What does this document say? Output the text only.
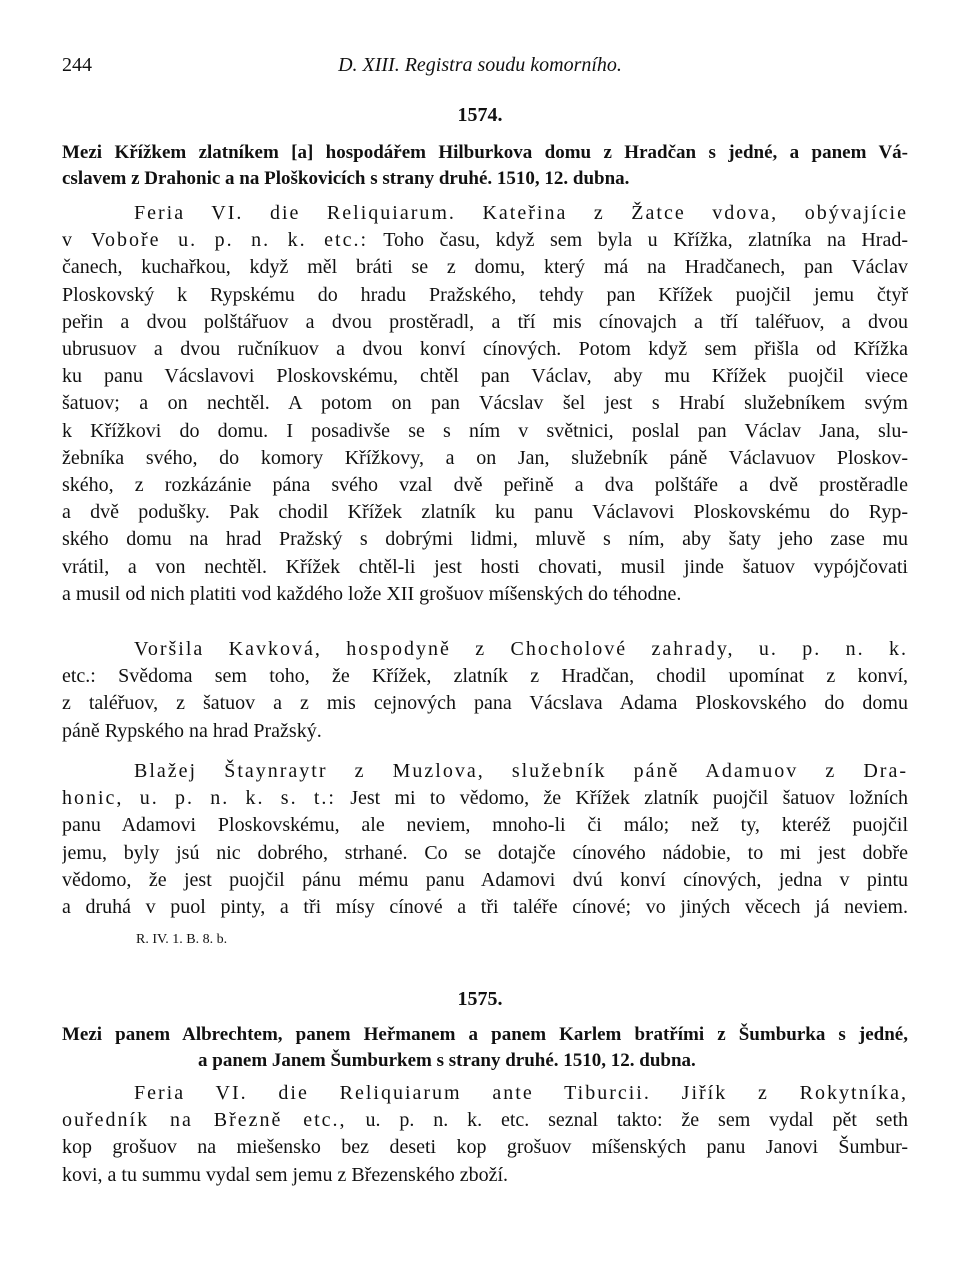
244	D. XIII. Registra soudu komorního.
1574.
Mezi Křížkem zlatníkem [a] hospodářem Hilburkova domu z Hradčan s jedné, a panem Vá-
cslavem z Drahonic a na Ploškovicích s strany druhé. 1510, 12. dubna.
Feria VI. die Reliquiarum. Kateřina z Žatce vdova, obývajície
v Voboře u. p. n. k. etc.: Toho času, když sem byla u Křížka, zlatníka na Hrad-
čanech, kuchařkou, když měl bráti se z domu, který má na Hradčanech, pan Václav
Ploskovský k Rypskému do hradu Pražského, tehdy pan Křížek puojčil jemu čtyř
peřin a dvou polštářuov a dvou prostěradl, a tří mis cínovajch a tří taléřuov, a dvou
ubrusuov a dvou ručníkuov a dvou konví cínových. Potom když sem přišla od Křížka
ku panu Vácslavovi Ploskovskému, chtěl pan Václav, aby mu Křížek puojčil viece
šatuov; a on nechtěl. A potom on pan Vácslav šel jest s Hrabí služebníkem svým
k Křížkovi do domu. I posadivše se s ním v světnici, poslal pan Václav Jana, slu-
žebníka svého, do komory Křížkovy, a on Jan, služebník páně Václavuov Ploskov-
ského, z rozkázánie pána svého vzal dvě peřině a dva polštáře a dvě prostěradle
a dvě podušky. Pak chodil Křížek zlatník ku panu Václavovi Ploskovskému do Ryp-
ského domu na hrad Pražský s dobrými lidmi, mluvě s ním, aby šaty jeho zase mu
vrátil, a von nechtěl. Křížek chtěl-li jest hosti chovati, musil jinde šatuov vypójčovati
a musil od nich platiti vod každého lože XII grošuov míšenských do téhodne.
Voršila Kavková, hospodyně z Chocholové zahrady, u. p. n. k.
etc.: Svědoma sem toho, že Křížek, zlatník z Hradčan, chodil upomínat z konví,
z taléřuov, z šatuov a z mis cejnových pana Vácslava Adama Ploskovského do domu
páně Rypského na hrad Pražský.
Blažej Štaynraytr z Muzlova, služebník páně Adamuov z Dra-
honic, u. p. n. k. s. t.: Jest mi to vědomo, že Křížek zlatník puojčil šatuov ložních
panu Adamovi Ploskovskému, ale neviem, mnoho-li či málo; než ty, kteréž puojčil
jemu, byly jsú nic dobrého, strhané. Co se dotajče cínového nádobie, to mi jest dobře
vědomo, že jest puojčil pánu mému panu Adamovi dvú konví cínových, jedna v pintu
a druhá v puol pinty, a tři mísy cínové a tři taléře cínové; vo jiných věcech já neviem.
R. IV. 1. B. 8. b.
1575.
Mezi panem Albrechtem, panem Heřmanem a panem Karlem bratřími z Šumburka s jedné,
a panem Janem Šumburkem s strany druhé. 1510, 12. dubna.
Feria VI. die Reliquiarum ante Tiburcii. Jiřík z Rokytníka,
ouředník na Březně etc., u. p. n. k. etc. seznal takto: že sem vydal pět seth
kop grošuov na miešensko bez deseti kop grošuov míšenských panu Janovi Šumbur-
kovi, a tu summu vydal sem jemu z Březenského zboží.
